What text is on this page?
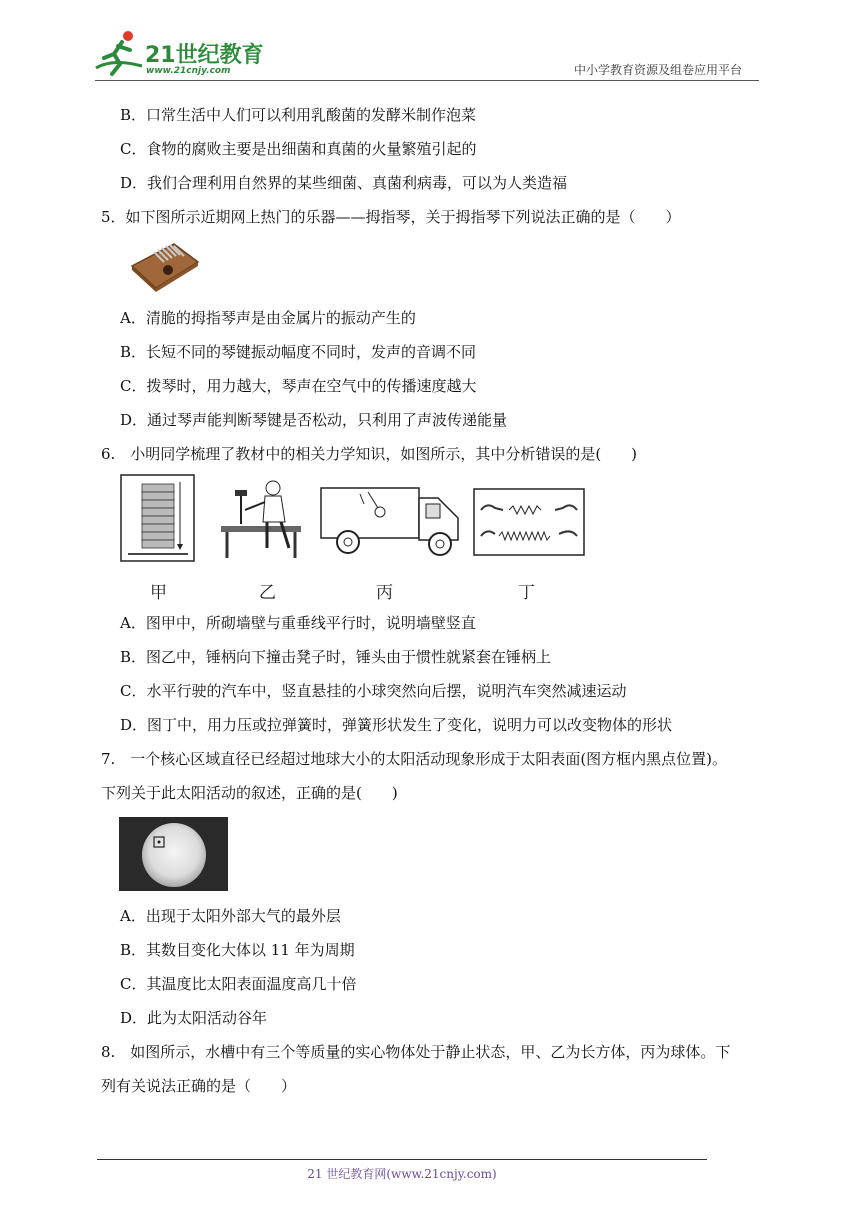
21世纪教育
www.21cnjy.com	中小学教育资源及组卷应用平台
B．口常生活中人们可以利用乳酸菌的发酵米制作泡菜
C．食物的腐败主要是出细菌和真菌的火量繁殖引起的
D．我们合理利用自然界的某些细菌、真菌利病毒，可以为人类造福
5．如下图所示近期网上热门的乐器——拇指琴，关于拇指琴下列说法正确的是（　　）
A．清脆的拇指琴声是由金属片的振动产生的
B．长短不同的琴键振动幅度不同时，发声的音调不同
C．拨琴时，用力越大，琴声在空气中的传播速度越大
D．通过琴声能判断琴键是否松动，只利用了声波传递能量
6.　小明同学梳理了教材中的相关力学知识，如图所示，其中分析错误的是(　　)
甲	乙	丙	丁
A．图甲中，所砌墙壁与重垂线平行时，说明墙壁竖直
B．图乙中，锤柄向下撞击凳子时，锤头由于惯性就紧套在锤柄上
C．水平行驶的汽车中，竖直悬挂的小球突然向后摆，说明汽车突然减速运动
D．图丁中，用力压或拉弹簧时，弹簧形状发生了变化，说明力可以改变物体的形状
7.　一个核心区域直径已经超过地球大小的太阳活动现象形成于太阳表面(图方框内黑点位置)。
下列关于此太阳活动的叙述，正确的是(　　)
A．出现于太阳外部大气的最外层
B．其数目变化大体以 11 年为周期
C．其温度比太阳表面温度高几十倍
D．此为太阳活动谷年
8.　如图所示，水槽中有三个等质量的实心物体处于静止状态，甲、乙为长方体，丙为球体。下
列有关说法正确的是（　　）
21 世纪教育网(www.21cnjy.com)
